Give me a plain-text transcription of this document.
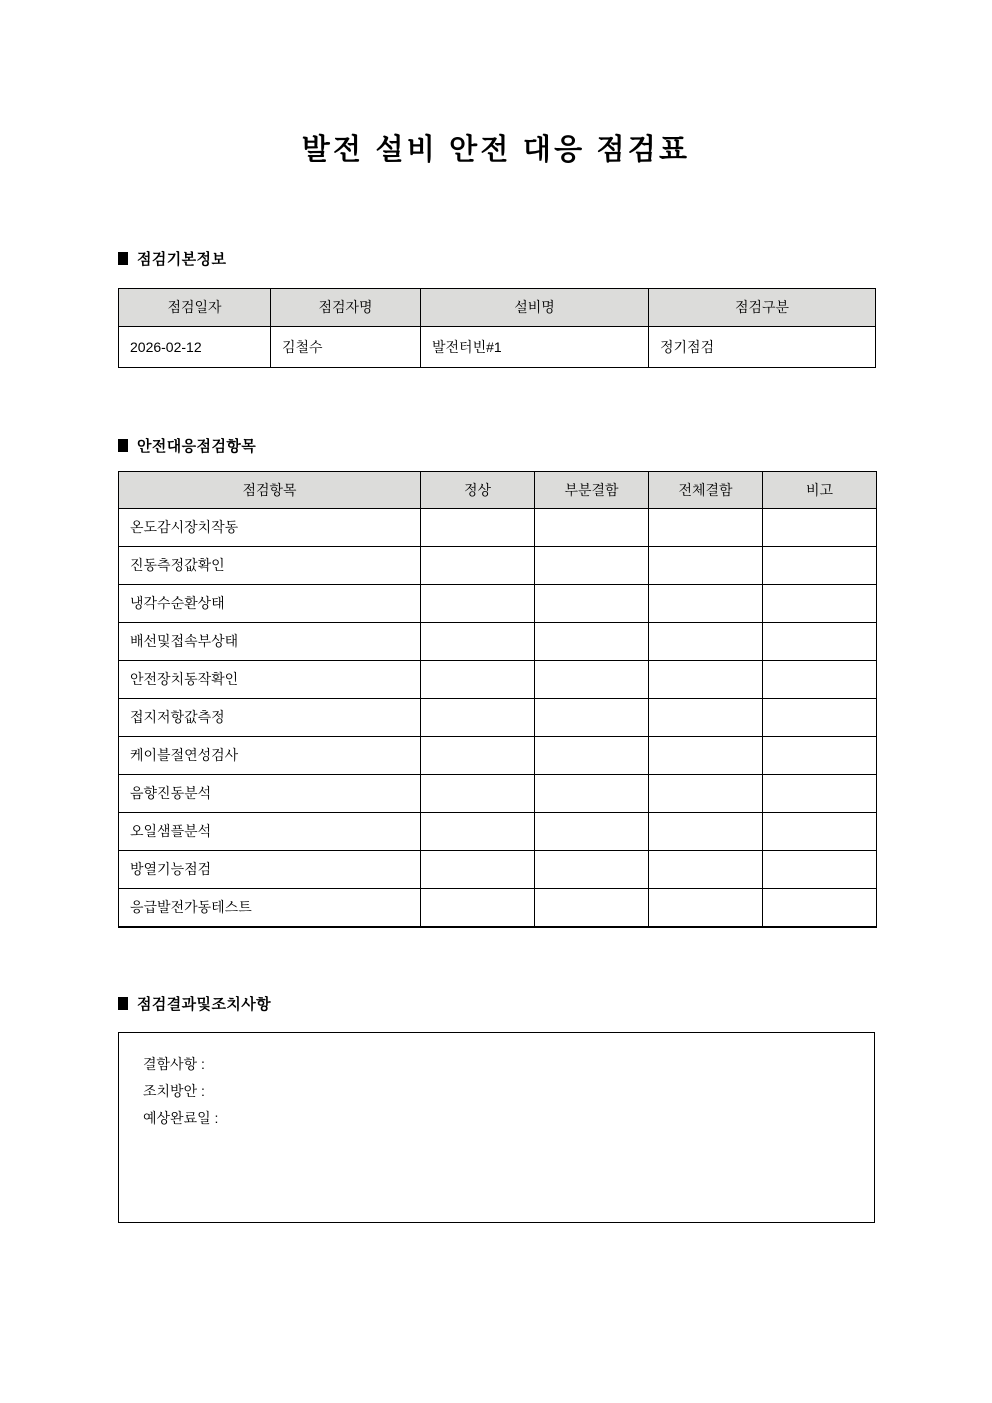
발전 설비 안전 대응 점검표
점검기본정보
점검일자	점검자명	설비명	점검구분
2026-02-12	김철수	발전터빈#1	정기점검
안전대응점검항목
점검항목	정상	부분결함	전체결함	비고
온도감시장치작동				
진동측정값확인				
냉각수순환상태				
배선및접속부상태				
안전장치동작확인				
접지저항값측정				
케이블절연성검사				
음향진동분석				
오일샘플분석				
방열기능점검				
응급발전가동테스트				
점검결과및조치사항
결함사항 :
조치방안 :
예상완료일 :
